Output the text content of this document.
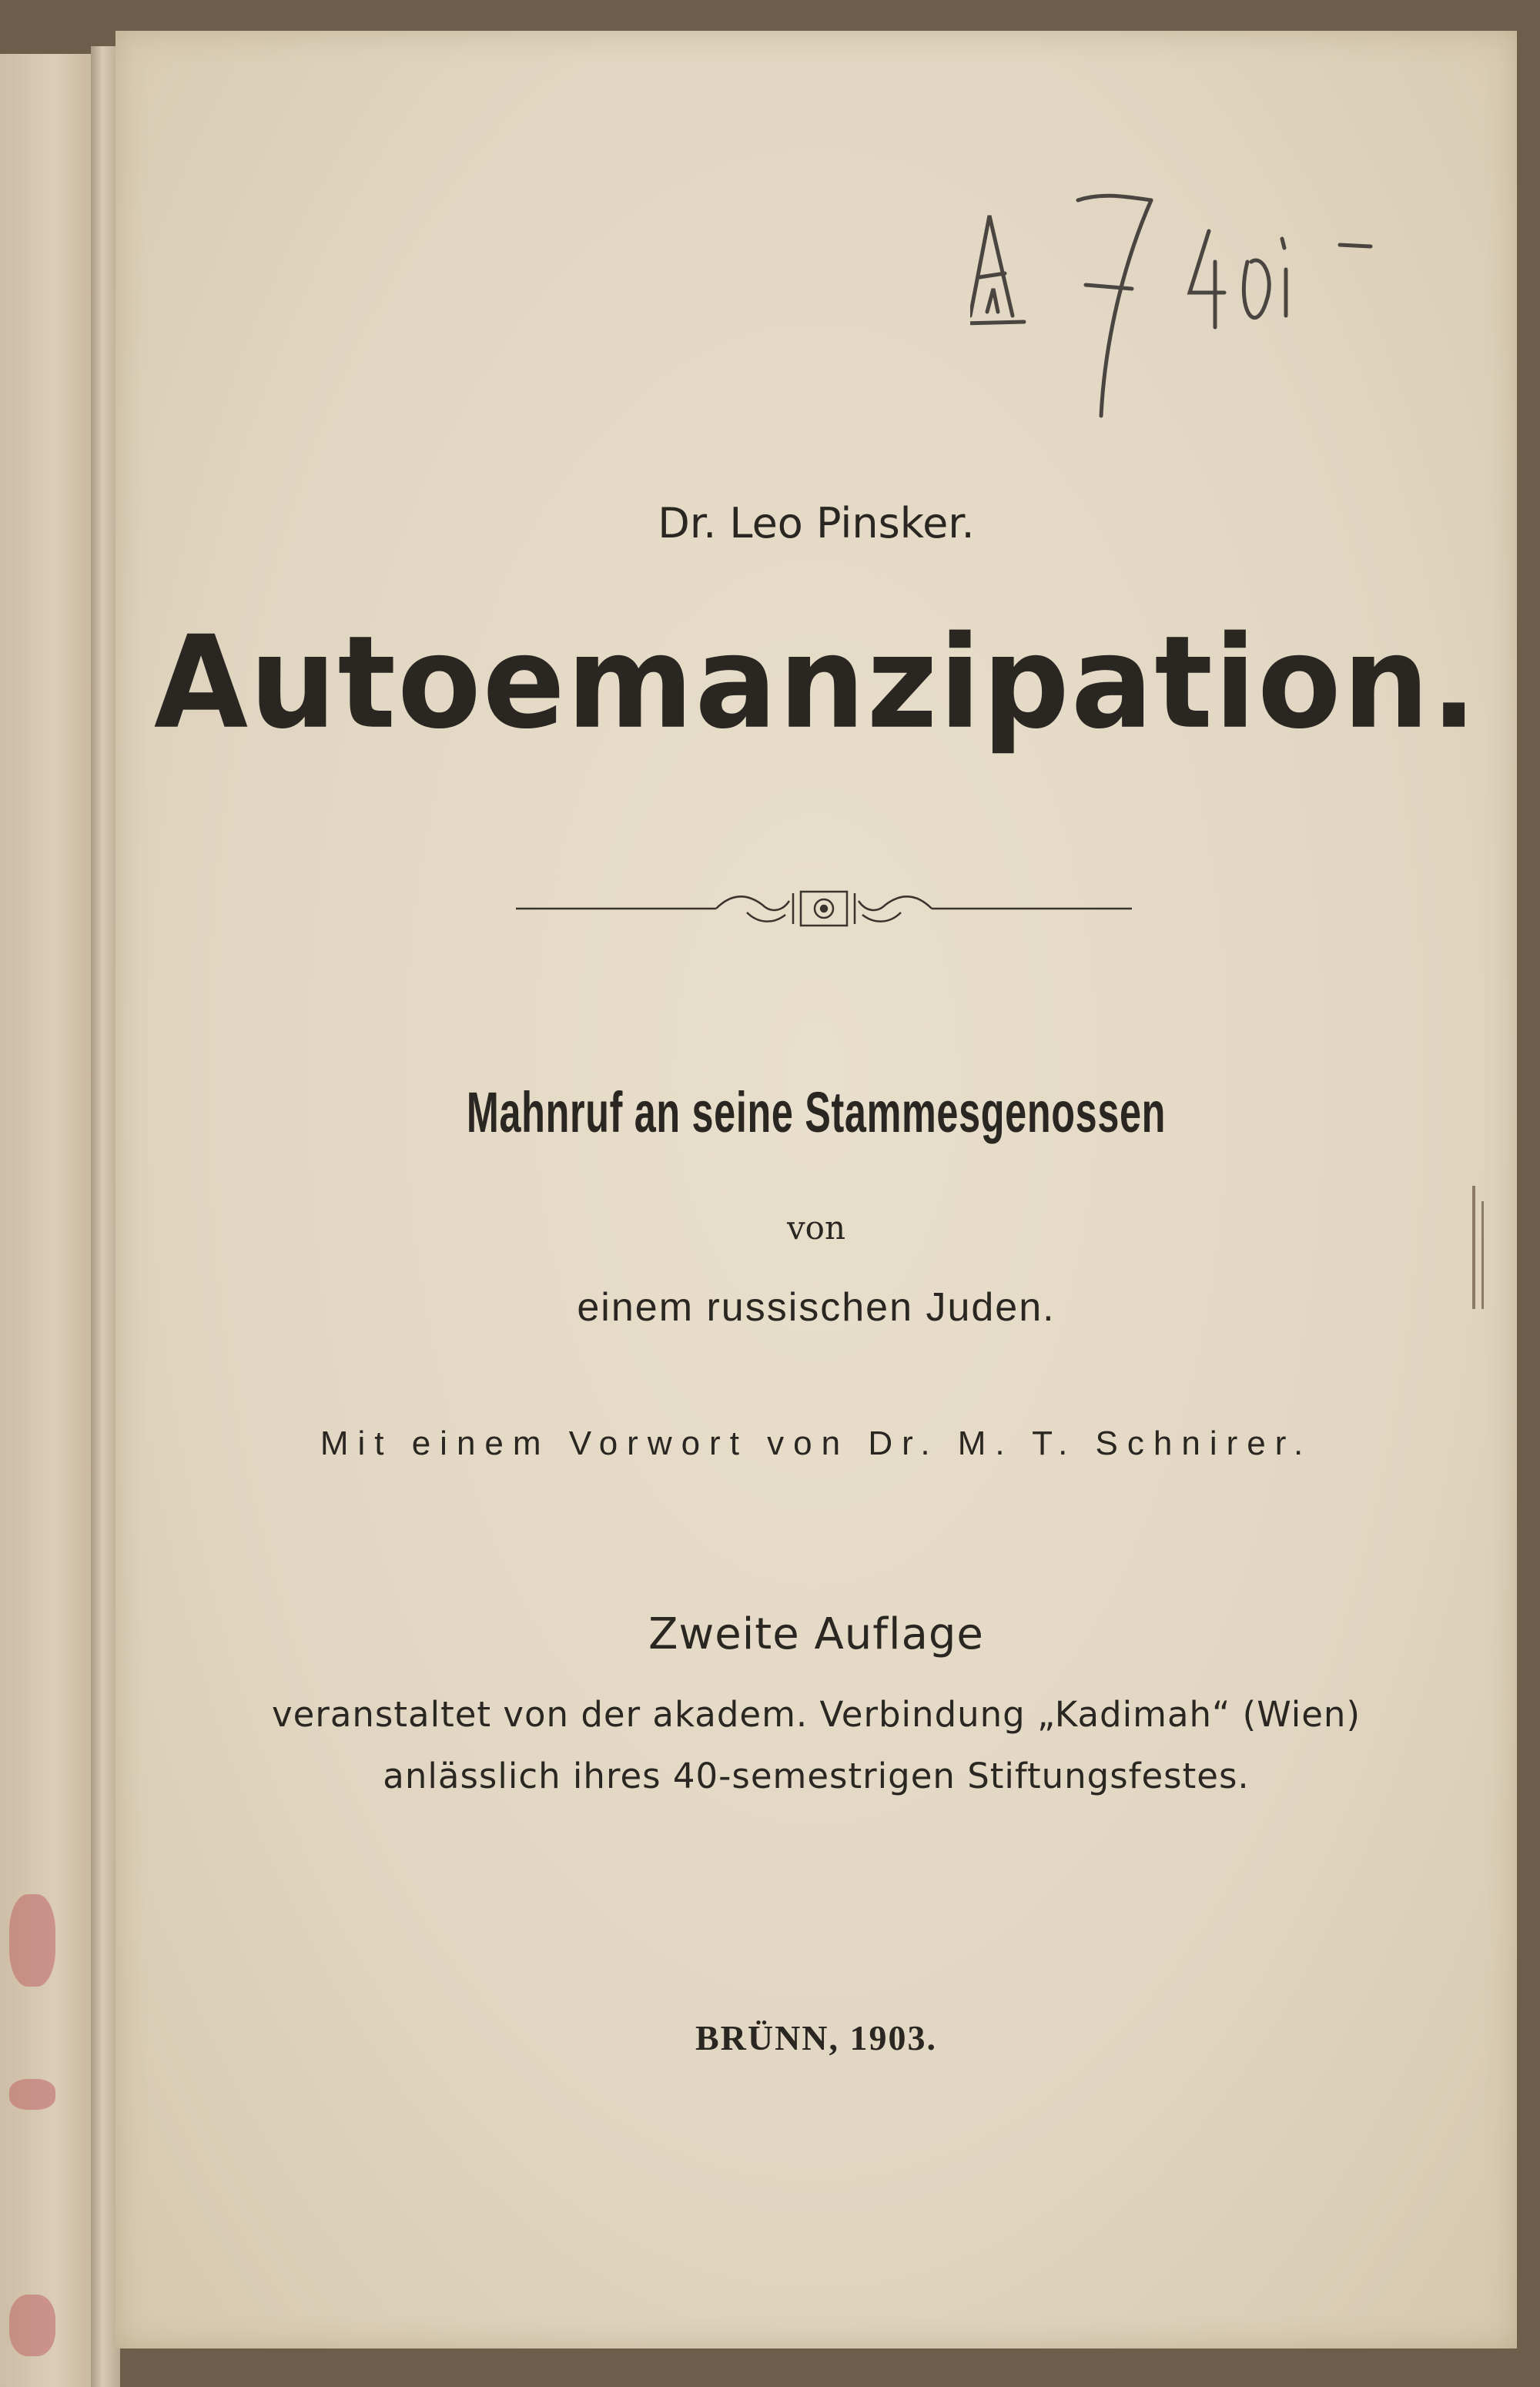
Dr. Leo Pinsker.
Autoemanzipation.
Mahnruf an seine Stammesgenossen
von
einem russischen Juden.
Mit einem Vorwort von Dr. M. T. Schnirer.
Zweite Auflage
veranstaltet von der akadem. Verbindung „Kadimah“ (Wien)
anlässlich ihres 40-semestrigen Stiftungsfestes.
BRÜNN, 1903.
